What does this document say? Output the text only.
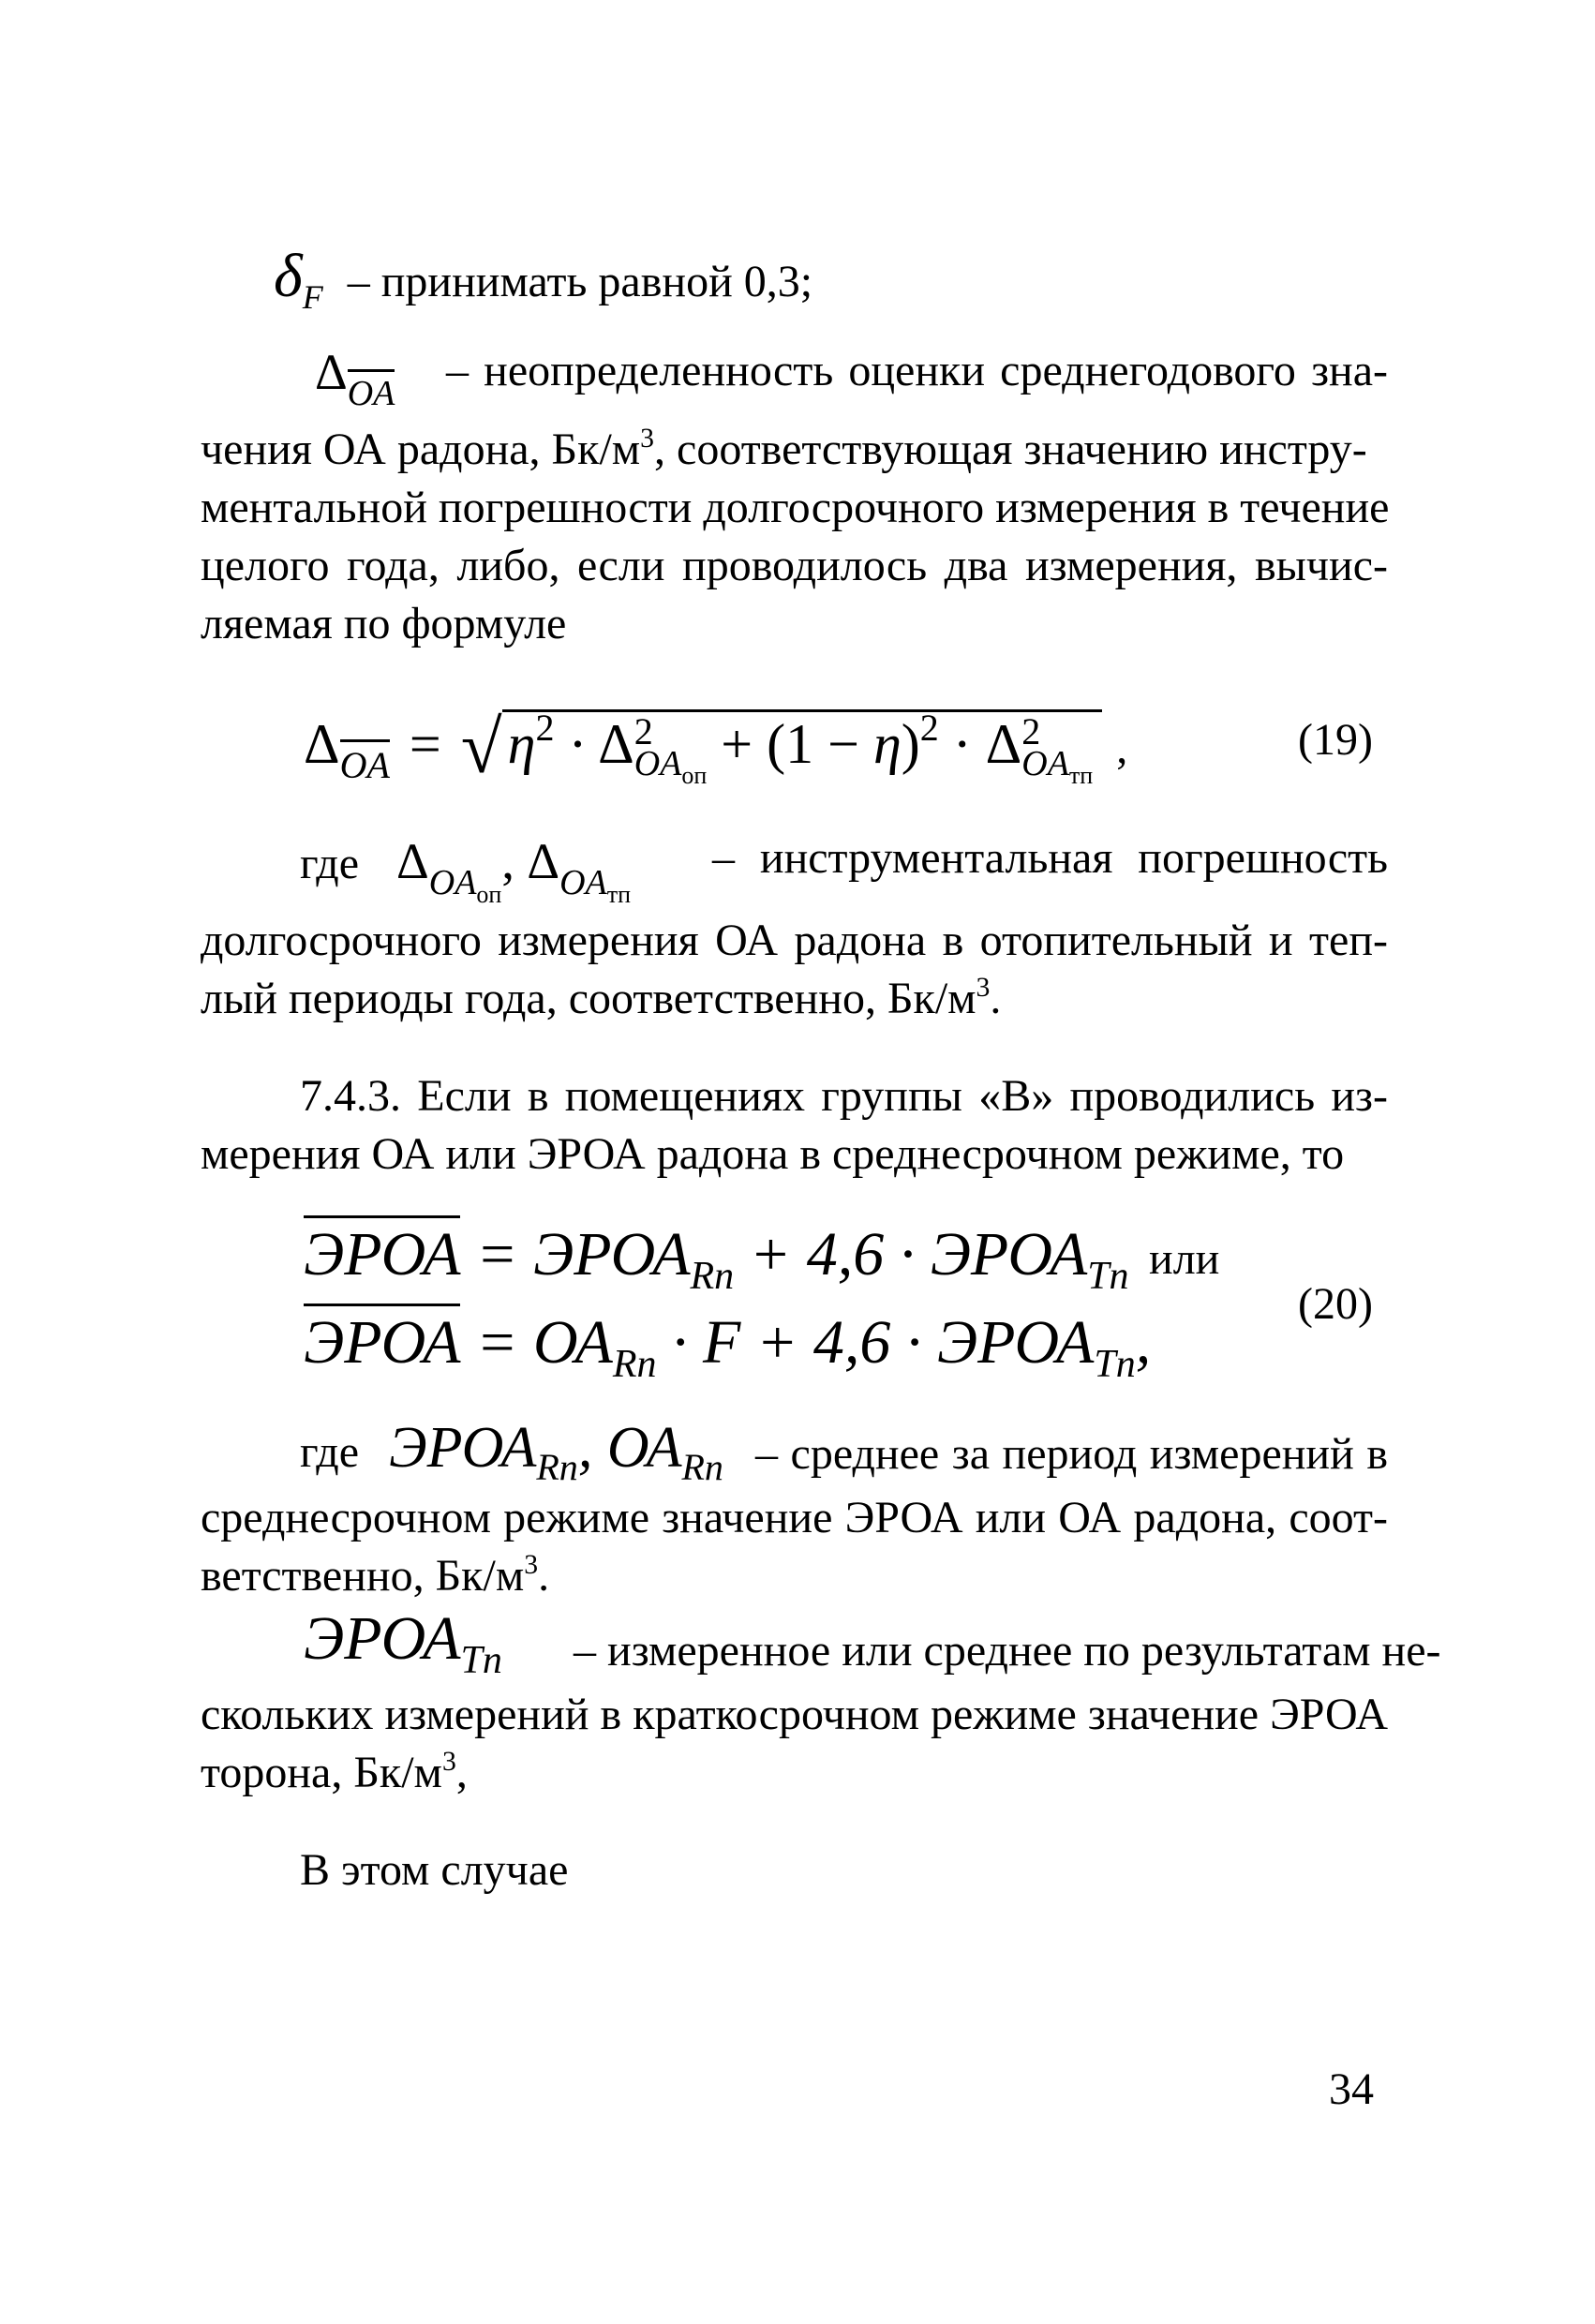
$\delta_F$ – принимать равной 0,3;
$\Delta_{OA}$ – неопределенность оценки среднегодового зна-
чения ОА радона, $Бк/м^3$, соответствующая значению инстру-
ментальной погрешности долгосрочного измерения в течение
целого года, либо, если проводилось два измерения, вычис-
ляемая по формуле
$\Delta_{OA}$ = √ $\eta^2 \cdot \Delta^2_{OA_{оп}} + (1 - \eta)^2 \cdot \Delta^2_{OA_{тп}}$ ,	(19)
где $\Delta_{OA_{оп}}$, $\Delta_{OA_{тп}}$
– инструментальная погрешность
долгосрочного измерения ОА радона в отопительный и теп-
лый периоды года, соответственно, $Бк/м^3$.
7.4.3. Если в помещениях группы «В» проводились из-
мерения ОА или ЭРОА радона в среднесрочном режиме, то
ЭРОА = $ЭРОА_{Rn} + 4,6$ · $ЭРОА_{Tn}$ или
ЭРОА = $ОА_{Rn} \cdot F + 4,6$ · $ЭРОА_{Tn}$,
(20)
где $ЭРОА_{Rn}$, $ОА_{Rn}$ – среднее за период измерений в
среднесрочном режиме значение ЭРОА или ОА радона, соот-
ветственно, $Бк/м^3$.
$ЭРОА_{Tn}$ – измеренное или среднее по результатам не-
скольких измерений в краткосрочном режиме значение ЭРОА
торона, $Бк/м^3$,
В этом случае
34
